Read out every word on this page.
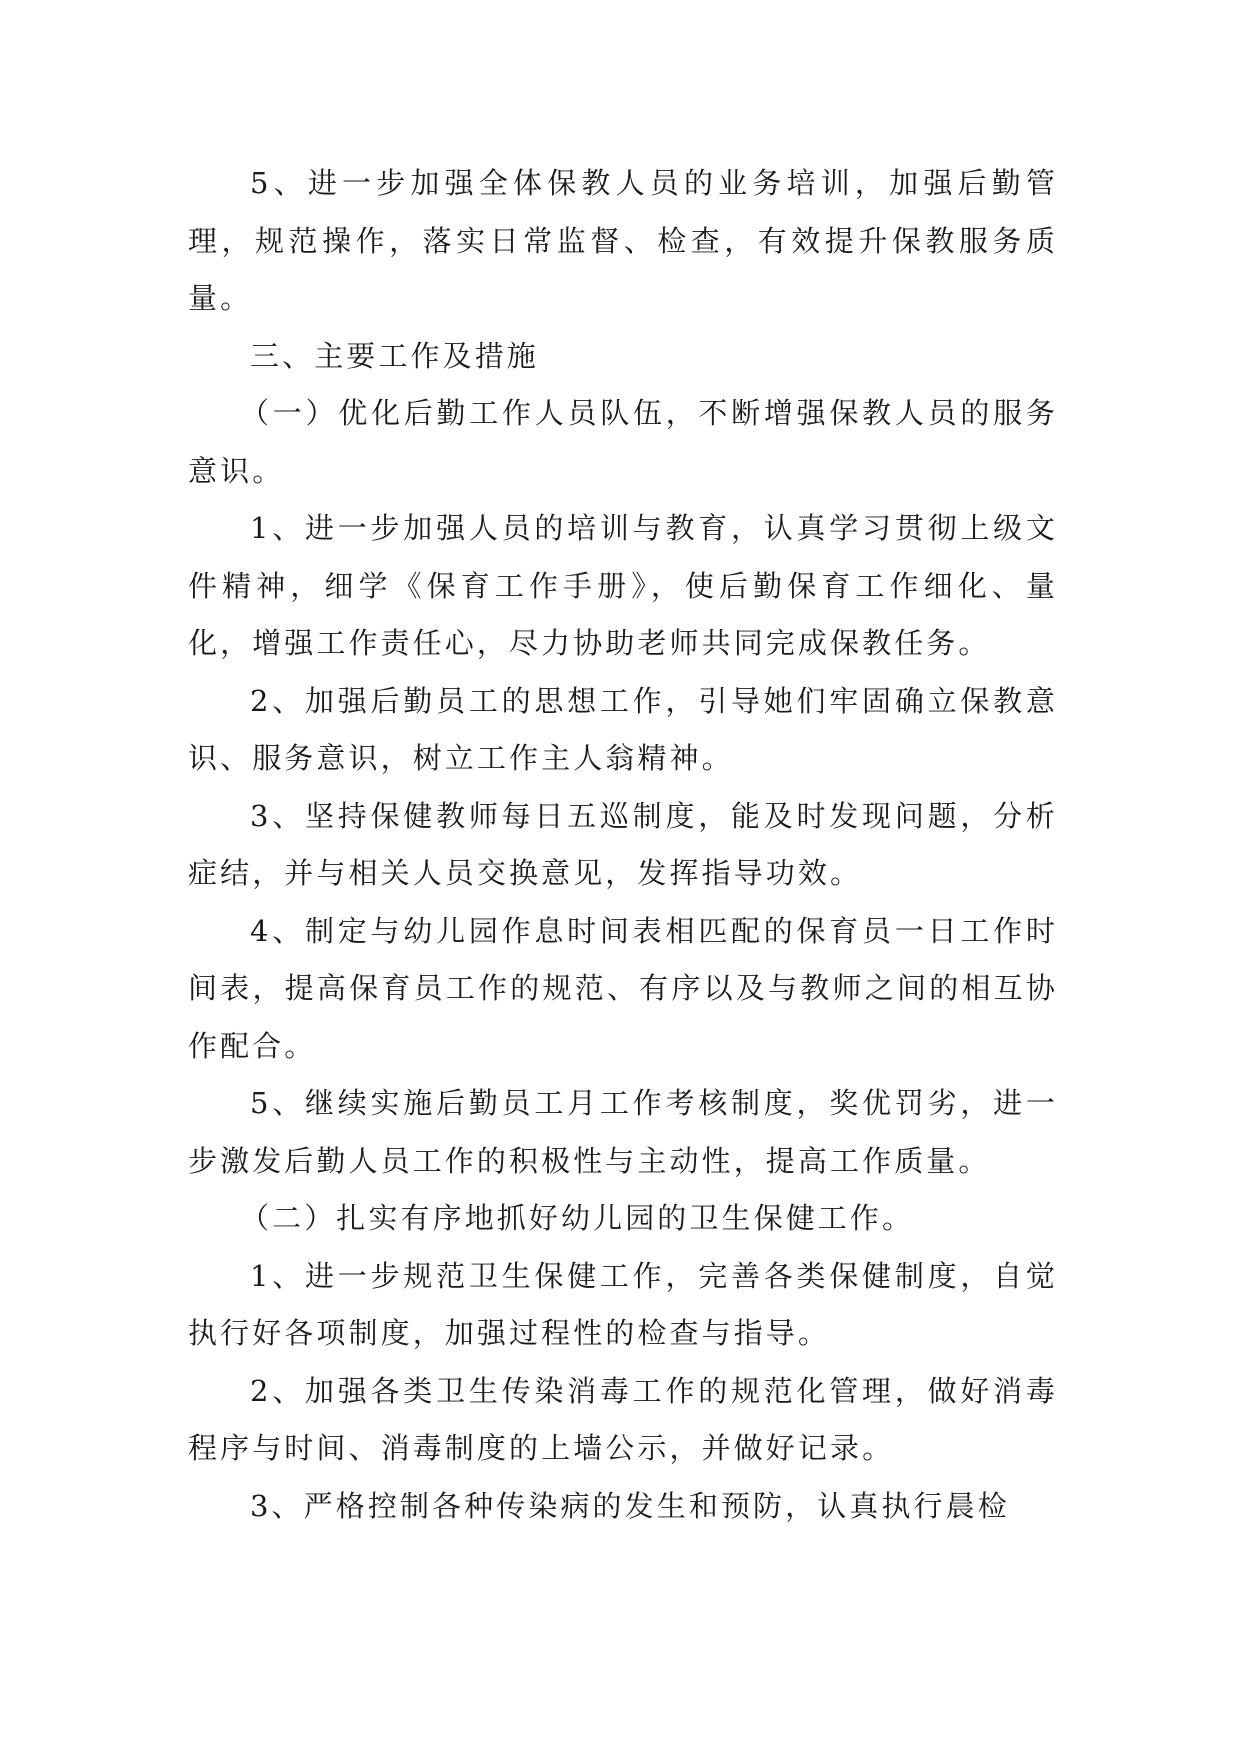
5、进一步加强全体保教人员的业务培训，加强后勤管理，规范操作，落实日常监督、检查，有效提升保教服务质量。

三、主要工作及措施

（一）优化后勤工作人员队伍，不断增强保教人员的服务意识。

1、进一步加强人员的培训与教育，认真学习贯彻上级文件精神，细学《保育工作手册》，使后勤保育工作细化、量化，增强工作责任心，尽力协助老师共同完成保教任务。

2、加强后勤员工的思想工作，引导她们牢固确立保教意识、服务意识，树立工作主人翁精神。

3、坚持保健教师每日五巡制度，能及时发现问题，分析症结，并与相关人员交换意见，发挥指导功效。

4、制定与幼儿园作息时间表相匹配的保育员一日工作时间表，提高保育员工作的规范、有序以及与教师之间的相互协作配合。

5、继续实施后勤员工月工作考核制度，奖优罚劣，进一步激发后勤人员工作的积极性与主动性，提高工作质量。

（二）扎实有序地抓好幼儿园的卫生保健工作。

1、进一步规范卫生保健工作，完善各类保健制度，自觉执行好各项制度，加强过程性的检查与指导。

2、加强各类卫生传染消毒工作的规范化管理，做好消毒程序与时间、消毒制度的上墙公示，并做好记录。

3、严格控制各种传染病的发生和预防，认真执行晨检
